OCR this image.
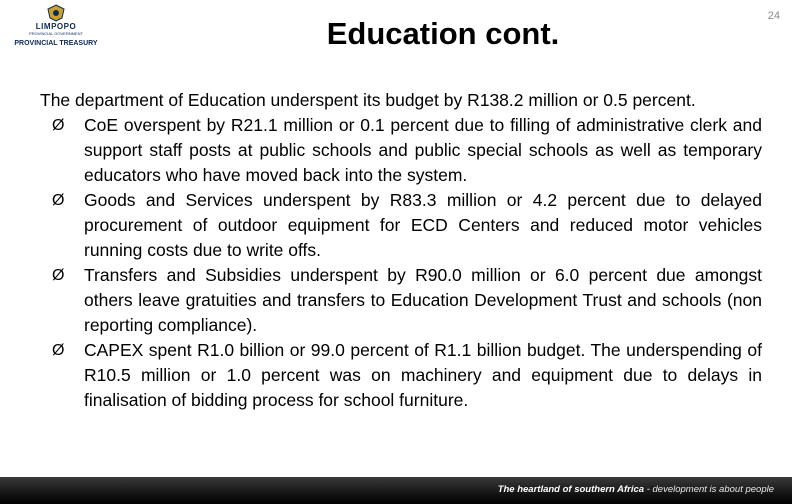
LIMPOPO
PROVINCIAL GOVERNMENT
PROVINCIAL TREASURY
24
Education cont.

The department of Education underspent its budget by R138.2 million or 0.5 percent.

Ø CoE overspent by R21.1 million or 0.1 percent due to filling of administrative clerk and support staff posts at public schools and public special schools as well as temporary educators who have moved back into the system.
Ø Goods and Services underspent by R83.3 million or 4.2 percent due to delayed procurement of outdoor equipment for ECD Centers and reduced motor vehicles running costs due to write offs.
Ø Transfers and Subsidies underspent by R90.0 million or 6.0 percent due amongst others leave gratuities and transfers to Education Development Trust and schools (non reporting compliance).
Ø CAPEX spent R1.0 billion or 99.0 percent of R1.1 billion budget. The underspending of R10.5 million or 1.0 percent was on machinery and equipment due to delays in finalisation of bidding process for school furniture.
The heartland of southern Africa - development is about people
